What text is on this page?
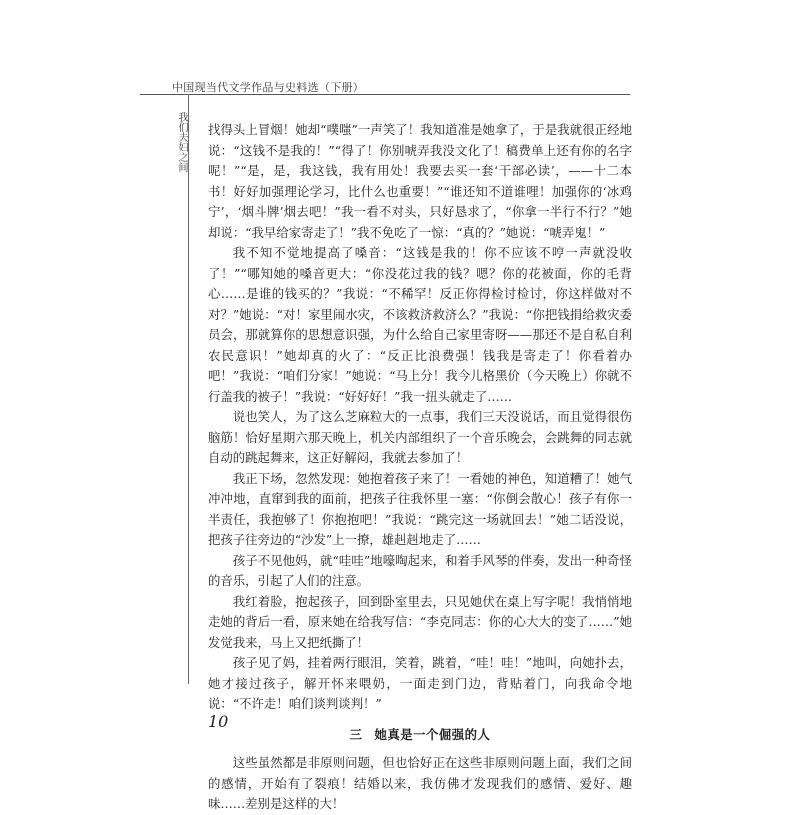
中国现当代文学作品与史料选（下册）
我们夫妇之间 找得头上冒烟！她却“噗嗤”一声笑了！我知道准是她拿了，于是我就很正经地说：“这钱不是我的！”“得了！你别唬弄我没文化了！稿费单上还有你的名字呢！”“是，是，我这钱，我有用处！我要去买一套‘干部必读’，——十二本书！好好加强理论学习，比什么也重要！”“谁还知不道谁哩！加强你的‘冰鸡宁’，‘烟斗牌’烟去吧！”我一看不对头，只好恳求了，“你拿一半行不行？”她却说：“我早给家寄走了！”我不免吃了一惊：“真的？”她说：“唬弄鬼！”

我不知不觉地提高了嗓音：“这钱是我的！你不应该不哼一声就没收了！”“哪知她的嗓音更大：“你没花过我的钱？嗯？你的花被面，你的毛背心……是谁的钱买的？”我说：“不稀罕！反正你得检讨检讨，你这样做对不对？”她说：“对！家里闹水灾，不该救济救济么？”我说：“你把钱捐给救灾委员会，那就算你的思想意识强，为什么给自己家里寄呀——那还不是自私自利农民意识！”她却真的火了：“反正比浪费强！钱我是寄走了！你看着办吧！”我说：“咱们分家！”她说：“马上分！我今儿格黑价（今天晚上）你就不行盖我的被子！”我说：“好好好！”我一扭头就走了……

说也笑人，为了这么芝麻粒大的一点事，我们三天没说话，而且觉得很伤脑筋！恰好星期六那天晚上，机关内部组织了一个音乐晚会，会跳舞的同志就自动的跳起舞来，这正好解闷，我就去参加了！

我正下场，忽然发现：她抱着孩子来了！一看她的神色，知道糟了！她气冲冲地，直窜到我的面前，把孩子往我怀里一塞：“你倒会散心！孩子有你一半责任，我抱够了！你抱抱吧！”我说：“跳完这一场就回去！”她二话没说，把孩子往旁边的“沙发”上一撩，雄赳赳地走了……

孩子不见他妈，就“哇哇”地嚎啕起来，和着手风琴的伴奏，发出一种奇怪的音乐，引起了人们的注意。

我红着脸，抱起孩子，回到卧室里去，只见她伏在桌上写字呢！我悄悄地走她的背后一看，原来她在给我写信：“李克同志：你的心大大的变了……”她发觉我来，马上又把纸撕了！

孩子见了妈，挂着两行眼泪，笑着，跳着，“哇！哇！”地叫，向她扑去，她才接过孩子，解开怀来喂奶，一面走到门边，背贴着门，向我命令地说：“不许走！咱们谈判谈判！”

三 她真是一个倔强的人

这些虽然都是非原则问题，但也恰好正在这些非原则问题上面，我们之间的感情，开始有了裂痕！结婚以来，我仿佛才发现我们的感情、爱好、趣味……差别是这样的大！

10
